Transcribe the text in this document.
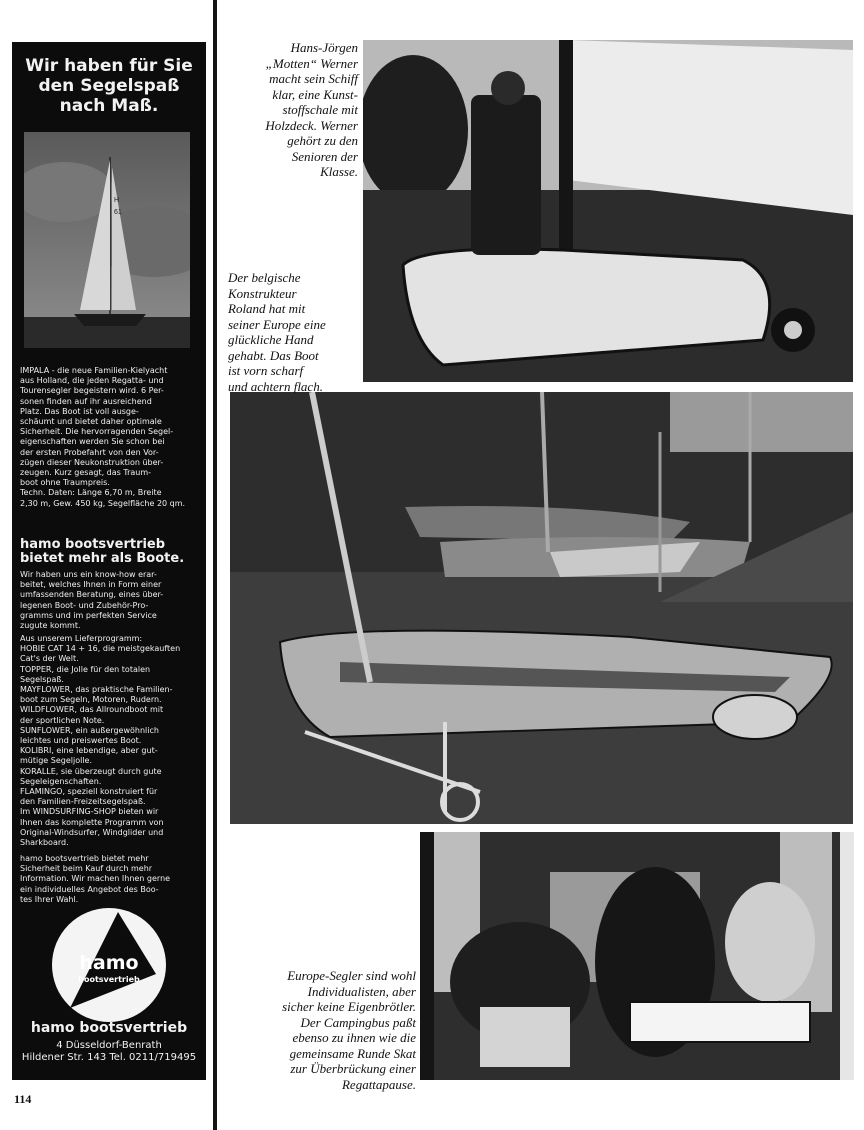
Wir haben für Sie
den Segelspaß
nach Maß.
H
61
IMPALA - die neue Familien-Kielyacht
aus Holland, die jeden Regatta- und
Tourensegler begeistern wird. 6 Per-
sonen finden auf ihr ausreichend
Platz. Das Boot ist voll ausge-
schäumt und bietet daher optimale
Sicherheit. Die hervorragenden Segel-
eigenschaften werden Sie schon bei
der ersten Probefahrt von den Vor-
zügen dieser Neukonstruktion über-
zeugen. Kurz gesagt, das Traum-
boot ohne Traumpreis.
Techn. Daten: Länge 6,70 m, Breite
2,30 m, Gew. 450 kg, Segelfläche 20 qm.
hamo bootsvertrieb
bietet mehr als Boote.
Wir haben uns ein know-how erar-
beitet, welches Ihnen in Form einer
umfassenden Beratung, eines über-
legenen Boot- und Zubehör-Pro-
gramms und im perfekten Service
zugute kommt.
Aus unserem Lieferprogramm:
HOBIE CAT 14 + 16, die meistgekauften
Cat's der Welt.
TOPPER, die Jolle für den totalen
Segelspaß.
MAYFLOWER, das praktische Familien-
boot zum Segeln, Motoren, Rudern.
WILDFLOWER, das Allroundboot mit
der sportlichen Note.
SUNFLOWER, ein außergewöhnlich
leichtes und preiswertes Boot.
KOLIBRI, eine lebendige, aber gut-
mütige Segeljolle.
KORALLE, sie überzeugt durch gute
Segeleigenschaften.
FLAMINGO, speziell konstruiert für
den Familien-Freizeitsegelspaß.
Im WINDSURFING-SHOP bieten wir
Ihnen das komplette Programm von
Original-Windsurfer, Windglider und
Sharkboard.
hamo bootsvertrieb bietet mehr
Sicherheit beim Kauf durch mehr
Information. Wir machen Ihnen gerne
ein individuelles Angebot des Boo-
tes Ihrer Wahl.
hamo
bootsvertrieb
hamo bootsvertrieb
4 Düsseldorf-Benrath
Hildener Str. 143 Tel. 0211/719495
Hans-Jörgen
„Motten“ Werner
macht sein Schiff
klar, eine Kunst-
stoffschale mit
Holzdeck. Werner
gehört zu den
Senioren der
Klasse.
Der belgische
Konstrukteur
Roland hat mit
seiner Europe eine
glückliche Hand
gehabt. Das Boot
ist vorn scharf
und achtern flach.
Europe-Segler sind wohl
Individualisten, aber
sicher keine Eigenbrötler.
Der Campingbus paßt
ebenso zu ihnen wie die
gemeinsame Runde Skat
zur Überbrückung einer
Regattapause.
114
